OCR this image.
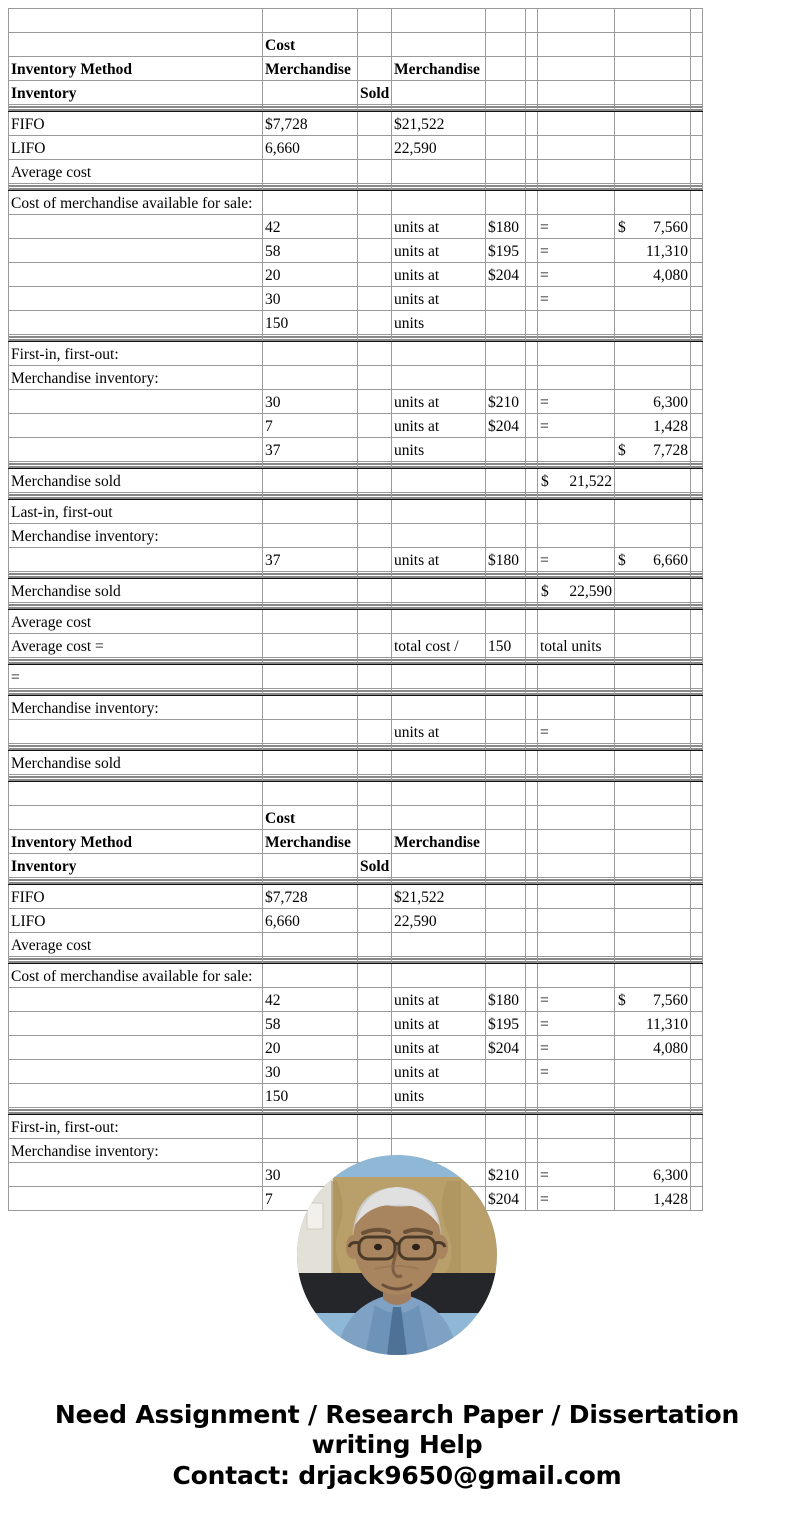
	Cost							
Inventory Method	Merchandise		Merchandise					
Inventory		Sold						

FIFO	$7,728		$21,522					
LIFO	6,660		22,590					
Average cost								

Cost of merchandise available for sale:								
	42		units at	$180		=	$ 7,560	
	58		units at	$195		=	11,310	
	20		units at	$204		=	4,080	
	30		units at			=	

	150		units				

First-in, first-out:								
Merchandise inventory:								
	30		units at	$210		=	6,300	
	7		units at	$204		=	1,428	
	37		units				$ 7,728	

Merchandise sold						$ 21,522		

Last-in, first-out								
Merchandise inventory:								
	37		units at	$180		=	$ 6,660	

Merchandise sold						$ 22,590		

Average cost								
Average cost =			total cost /	150		total units		

=								

Merchandise inventory:								
			units at			=	

Merchandise sold						

	Cost							
Inventory Method	Merchandise		Merchandise					
Inventory		Sold						

FIFO	$7,728		$21,522					
LIFO	6,660		22,590					
Average cost								

Cost of merchandise available for sale:								
	42		units at	$180		=	$ 7,560	
	58		units at	$195		=	11,310	
	20		units at	$204		=	4,080	
	30		units at			=	

	150		units				

First-in, first-out:								
Merchandise inventory:								
	30			$210		=	6,300	
	7			$204		=	1,428	
Need Assignment / Research Paper / Dissertation
writing Help
Contact: drjack9650@gmail.com
